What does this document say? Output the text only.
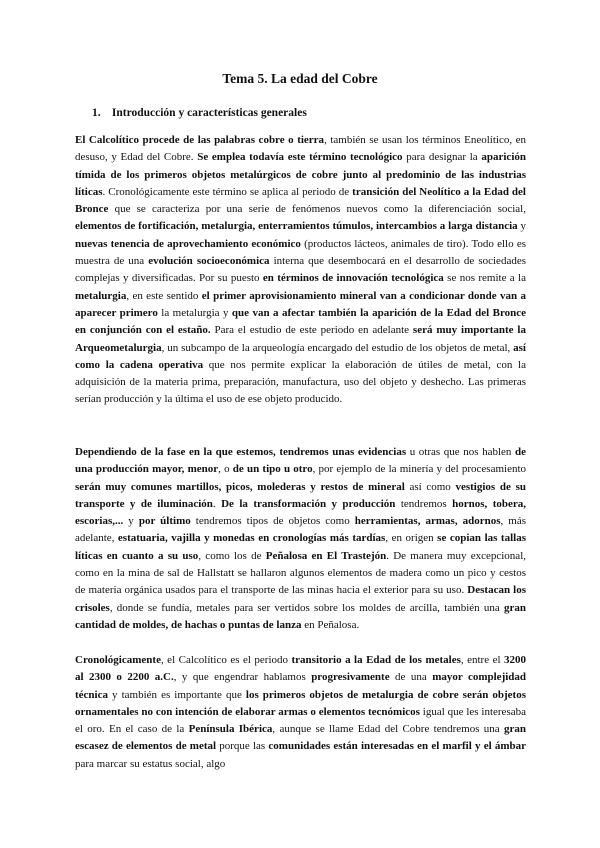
Tema 5. La edad del Cobre
1. Introducción y características generales

El Calcolítico procede de las palabras cobre o tierra, también se usan los términos Eneolítico, en desuso, y Edad del Cobre. Se emplea todavía este término tecnológico para designar la aparición tímida de los primeros objetos metalúrgicos de cobre junto al predominio de las industrias líticas. Cronológicamente este término se aplica al periodo de transición del Neolítico a la Edad del Bronce que se caracteriza por una serie de fenómenos nuevos como la diferenciación social, elementos de fortificación, metalurgia, enterramientos túmulos, intercambios a larga distancia y nuevas tenencia de aprovechamiento económico (productos lácteos, animales de tiro). Todo ello es muestra de una evolución socioeconómica interna que desembocará en el desarrollo de sociedades complejas y diversificadas. Por su puesto en términos de innovación tecnológica se nos remite a la metalurgia, en este sentido el primer aprovisionamiento mineral van a condicionar donde van a aparecer primero la metalurgia y que van a afectar también la aparición de la Edad del Bronce en conjunción con el estaño. Para el estudio de este periodo en adelante será muy importante la Arqueometalurgia, un subcampo de la arqueología encargado del estudio de los objetos de metal, así como la cadena operativa que nos permite explicar la elaboración de útiles de metal, con la adquisición de la materia prima, preparación, manufactura, uso del objeto y deshecho. Las primeras serían producción y la última el uso de ese objeto producido.

Dependiendo de la fase en la que estemos, tendremos unas evidencias u otras que nos hablen de una producción mayor, menor, o de un tipo u otro, por ejemplo de la minería y del procesamiento serán muy comunes martillos, picos, molederas y restos de mineral así como vestigios de su transporte y de iluminación. De la transformación y producción tendremos hornos, tobera, escorias,... y por último tendremos tipos de objetos como herramientas, armas, adornos, más adelante, estatuaria, vajilla y monedas en cronologías más tardías, en origen se copian las tallas líticas en cuanto a su uso, como los de Peñalosa en El Trastejón. De manera muy excepcional, como en la mina de sal de Hallstatt se hallaron algunos elementos de madera como un pico y cestos de materia orgánica usados para el transporte de las minas hacia el exterior para su uso. Destacan los crisoles, donde se fundía, metales para ser vertidos sobre los moldes de arcilla, también una gran cantidad de moldes, de hachas o puntas de lanza en Peñalosa.

Cronológicamente, el Calcolítico es el periodo transitorio a la Edad de los metales, entre el 3200 al 2300 o 2200 a.C., y que engendrar hablamos progresivamente de una mayor complejidad técnica y también es importante que los primeros objetos de metalurgia de cobre serán objetos ornamentales no con intención de elaborar armas o elementos tecnómicos igual que les interesaba el oro. En el caso de la Península Ibérica, aunque se llame Edad del Cobre tendremos una gran escasez de elementos de metal porque las comunidades están interesadas en el marfil y el ámbar para marcar su estatus social, algo
